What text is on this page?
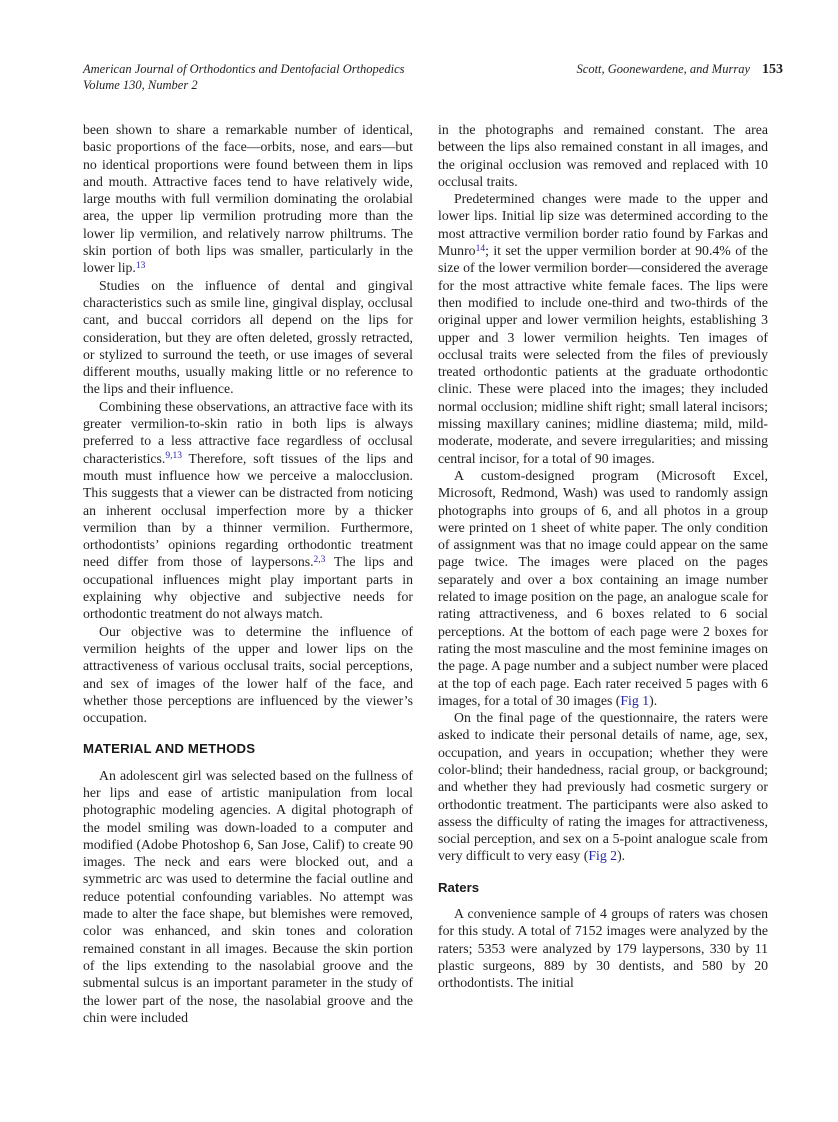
American Journal of Orthodontics and Dentofacial Orthopedics
Volume 130, Number 2
Scott, Goonewardene, and Murray 153

been shown to share a remarkable number of identical, basic proportions of the face—orbits, nose, and ears—but no identical proportions were found between them in lips and mouth. Attractive faces tend to have relatively wide, large mouths with full vermilion dominating the orolabial area, the upper lip vermilion protruding more than the lower lip vermilion, and relatively narrow philtrums. The skin portion of both lips was smaller, particularly in the lower lip.$^{13}$

Studies on the influence of dental and gingival characteristics such as smile line, gingival display, occlusal cant, and buccal corridors all depend on the lips for consideration, but they are often deleted, grossly retracted, or stylized to surround the teeth, or use images of several different mouths, usually making little or no reference to the lips and their influence.

Combining these observations, an attractive face with its greater vermilion-to-skin ratio in both lips is always preferred to a less attractive face regardless of occlusal characteristics.$^{9,13}$ Therefore, soft tissues of the lips and mouth must influence how we perceive a malocclusion. This suggests that a viewer can be distracted from noticing an inherent occlusal imperfection more by a thicker vermilion than by a thinner vermilion. Furthermore, orthodontists’ opinions regarding orthodontic treatment need differ from those of laypersons.$^{2,3}$ The lips and occupational influences might play important parts in explaining why objective and subjective needs for orthodontic treatment do not always match.

Our objective was to determine the influence of vermilion heights of the upper and lower lips on the attractiveness of various occlusal traits, social perceptions, and sex of images of the lower half of the face, and whether those perceptions are influenced by the viewer’s occupation.

MATERIAL AND METHODS

An adolescent girl was selected based on the fullness of her lips and ease of artistic manipulation from local photographic modeling agencies. A digital photograph of the model smiling was down-loaded to a computer and modified (Adobe Photoshop 6, San Jose, Calif) to create 90 images. The neck and ears were blocked out, and a symmetric arc was used to determine the facial outline and reduce potential confounding variables. No attempt was made to alter the face shape, but blemishes were removed, color was enhanced, and skin tones and coloration remained constant in all images. Because the skin portion of the lips extending to the nasolabial groove and the submental sulcus is an important parameter in the study of the lower part of the nose, the nasolabial groove and the chin were included

in the photographs and remained constant. The area between the lips also remained constant in all images, and the original occlusion was removed and replaced with 10 occlusal traits.

Predetermined changes were made to the upper and lower lips. Initial lip size was determined according to the most attractive vermilion border ratio found by Farkas and Munro$^{14}$; it set the upper vermilion border at 90.4% of the size of the lower vermilion border—considered the average for the most attractive white female faces. The lips were then modified to include one-third and two-thirds of the original upper and lower vermilion heights, establishing 3 upper and 3 lower vermilion heights. Ten images of occlusal traits were selected from the files of previously treated orthodontic patients at the graduate orthodontic clinic. These were placed into the images; they included normal occlusion; midline shift right; small lateral incisors; missing maxillary canines; midline diastema; mild, mild-moderate, moderate, and severe irregularities; and missing central incisor, for a total of 90 images.

A custom-designed program (Microsoft Excel, Microsoft, Redmond, Wash) was used to randomly assign photographs into groups of 6, and all photos in a group were printed on 1 sheet of white paper. The only condition of assignment was that no image could appear on the same page twice. The images were placed on the pages separately and over a box containing an image number related to image position on the page, an analogue scale for rating attractiveness, and 6 boxes related to 6 social perceptions. At the bottom of each page were 2 boxes for rating the most masculine and the most feminine images on the page. A page number and a subject number were placed at the top of each page. Each rater received 5 pages with 6 images, for a total of 30 images (Fig 1).

On the final page of the questionnaire, the raters were asked to indicate their personal details of name, age, sex, occupation, and years in occupation; whether they were color-blind; their handedness, racial group, or background; and whether they had previously had cosmetic surgery or orthodontic treatment. The participants were also asked to assess the difficulty of rating the images for attractiveness, social perception, and sex on a 5-point analogue scale from very difficult to very easy (Fig 2).

Raters

A convenience sample of 4 groups of raters was chosen for this study. A total of 7152 images were analyzed by the raters; 5353 were analyzed by 179 laypersons, 330 by 11 plastic surgeons, 889 by 30 dentists, and 580 by 20 orthodontists. The initial
